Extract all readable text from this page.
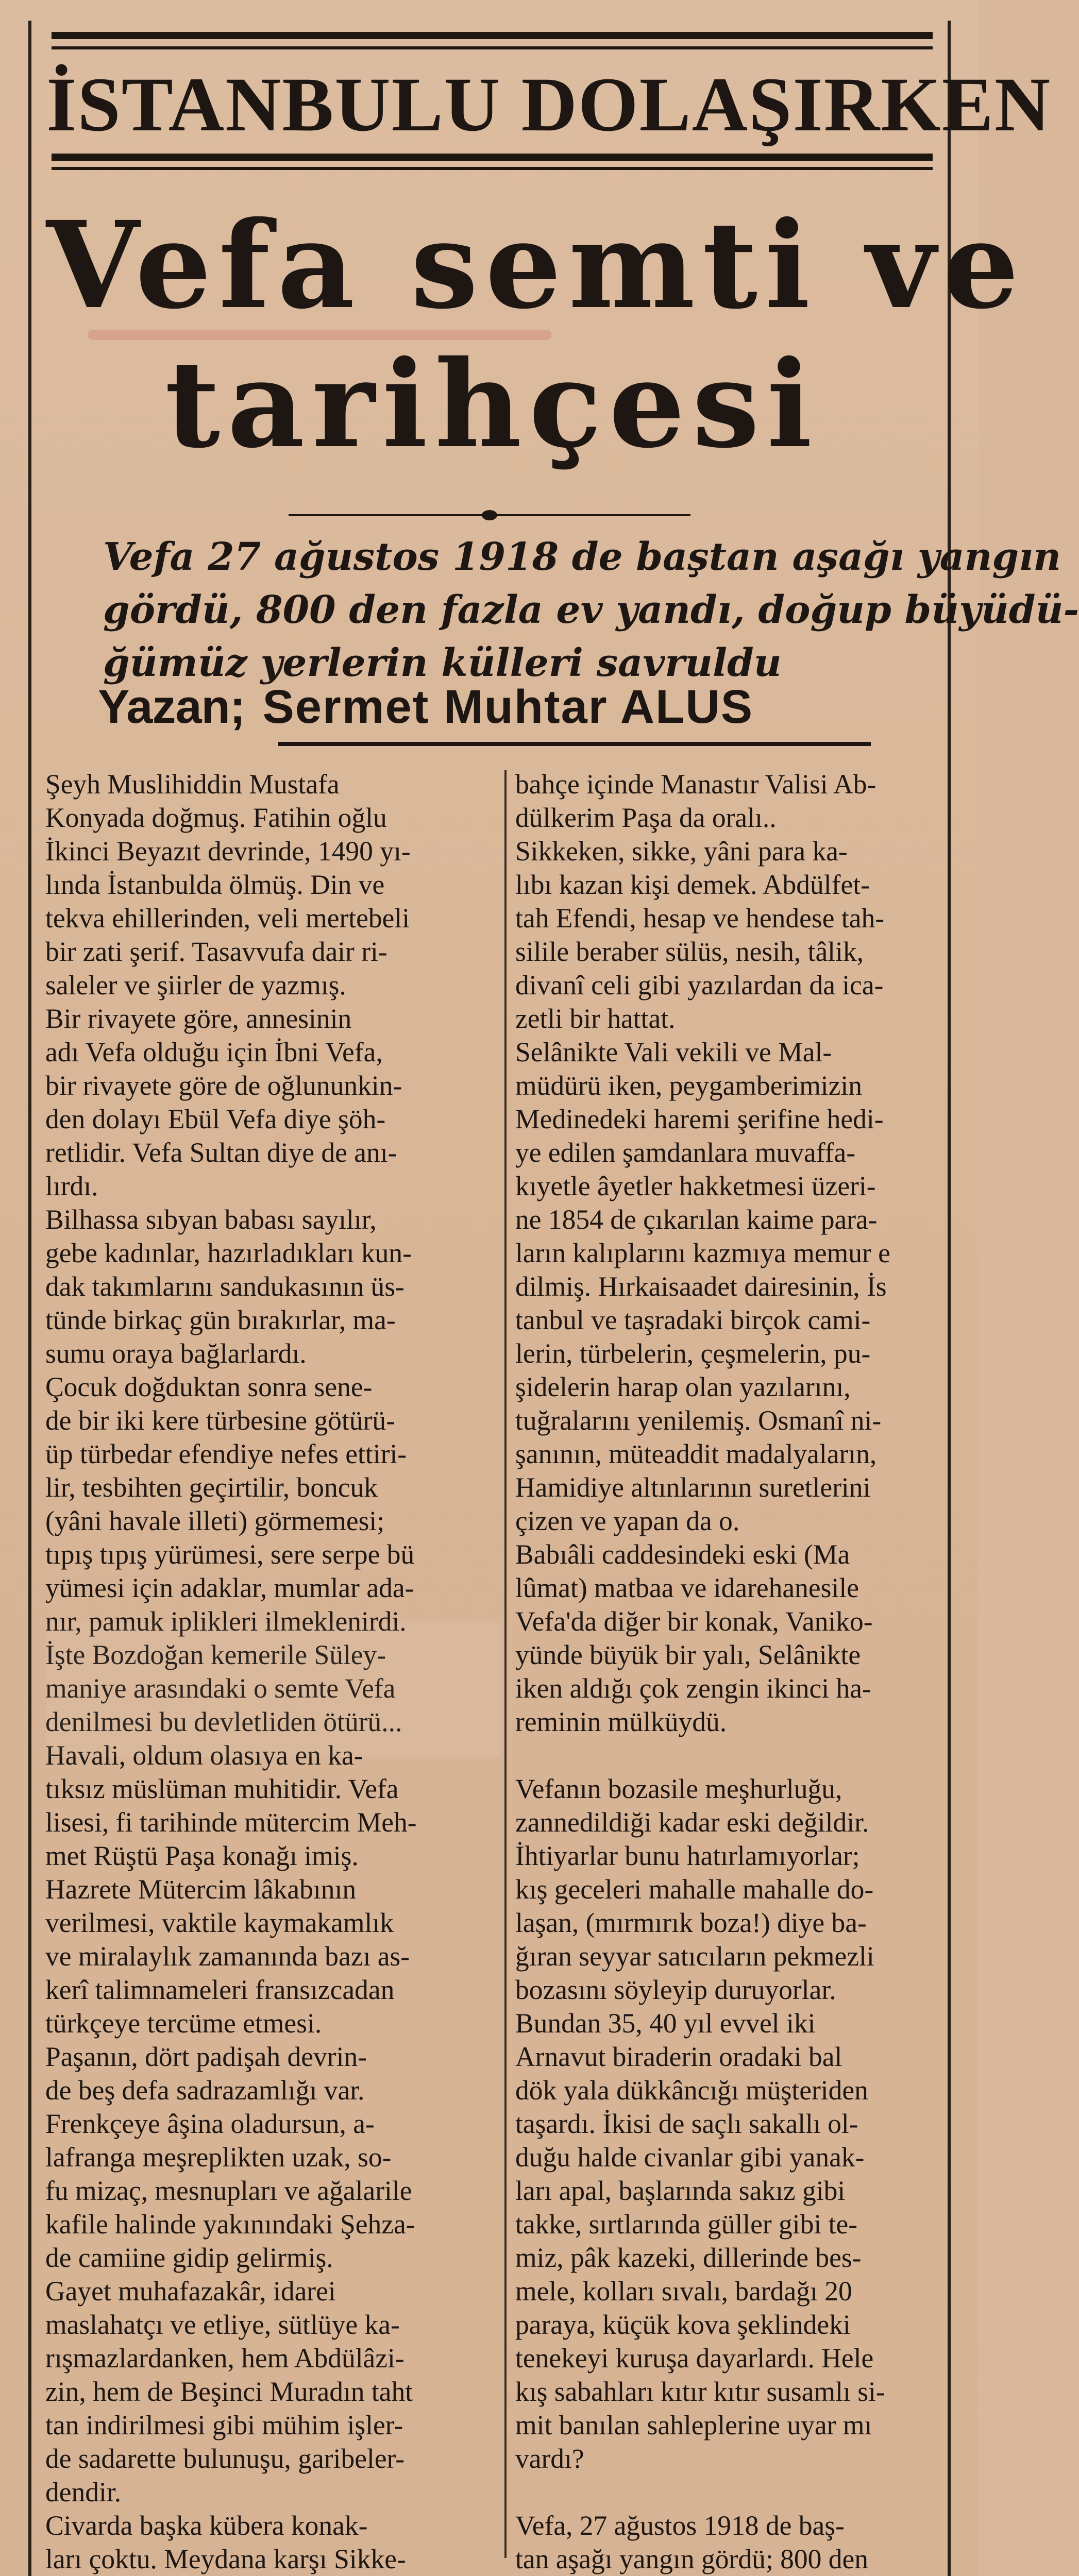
İSTANBULU DOLAŞIRKEN
Vefa semti ve
tarihçesi
Vefa 27 ağustos 1918 de baştan aşağı yangın
gördü, 800 den fazla ev yandı, doğup büyüdü-
ğümüz yerlerin külleri savruldu
Yazan; Sermet Muhtar ALUS
Şeyh Muslihiddin Mustafa
Konyada doğmuş. Fatihin oğlu
İkinci Beyazıt devrinde, 1490 yı-
lında İstanbulda ölmüş. Din ve
tekva ehillerinden, veli mertebeli
bir zati şerif. Tasavvufa dair ri-
saleler ve şiirler de yazmış.
Bir rivayete göre, annesinin
adı Vefa olduğu için İbni Vefa,
bir rivayete göre de oğlununkin-
den dolayı Ebül Vefa diye şöh-
retlidir. Vefa Sultan diye de anı-
lırdı.
Bilhassa sıbyan babası sayılır,
gebe kadınlar, hazırladıkları kun-
dak takımlarını sandukasının üs-
tünde birkaç gün bırakırlar, ma-
sumu oraya bağlarlardı.
Çocuk doğduktan sonra sene-
de bir iki kere türbesine götürü-
üp türbedar efendiye nefes ettiri-
lir, tesbihten geçirtilir, boncuk
(yâni havale illeti) görmemesi;
tıpış tıpış yürümesi, sere serpe bü
yümesi için adaklar, mumlar ada-
nır, pamuk iplikleri ilmeklenirdi.
İşte Bozdoğan kemerile Süley-
maniye arasındaki o semte Vefa
denilmesi bu devletliden ötürü...
Havali, oldum olasıya en ka-
tıksız müslüman muhitidir. Vefa
lisesi, fi tarihinde mütercim Meh-
met Rüştü Paşa konağı imiş.
Hazrete Mütercim lâkabının
verilmesi, vaktile kaymakamlık
ve miralaylık zamanında bazı as-
kerî talimnameleri fransızcadan
türkçeye tercüme etmesi.
Paşanın, dört padişah devrin-
de beş defa sadrazamlığı var.
Frenkçeye âşina oladursun, a-
lafranga meşreplikten uzak, so-
fu mizaç, mesnupları ve ağalarile
kafile halinde yakınındaki Şehza-
de camiine gidip gelirmiş.
Gayet muhafazakâr, idarei
maslahatçı ve etliye, sütlüye ka-
rışmazlardanken, hem Abdülâzi-
zin, hem de Beşinci Muradın taht
tan indirilmesi gibi mühim işler-
de sadarette bulunuşu, garibeler-
dendir.
Civarda başka kübera konak-
ları çoktu. Meydana karşı Sikke-
bahçe içinde Manastır Valisi Ab-
dülkerim Paşa da oralı..
Sikkeken, sikke, yâni para ka-
lıbı kazan kişi demek. Abdülfet-
tah Efendi, hesap ve hendese tah-
silile beraber sülüs, nesih, tâlik,
divanî celi gibi yazılardan da ica-
zetli bir hattat.
Selânikte Vali vekili ve Mal-
müdürü iken, peygamberimizin
Medinedeki haremi şerifine hedi-
ye edilen şamdanlara muvaffa-
kıyetle âyetler hakketmesi üzeri-
ne 1854 de çıkarılan kaime para-
ların kalıplarını kazmıya memur e
dilmiş. Hırkaisaadet dairesinin, İs
tanbul ve taşradaki birçok cami-
lerin, türbelerin, çeşmelerin, pu-
şidelerin harap olan yazılarını,
tuğralarını yenilemiş. Osmanî ni-
şanının, müteaddit madalyaların,
Hamidiye altınlarının suretlerini
çizen ve yapan da o.
Babıâli caddesindeki eski (Ma
lûmat) matbaa ve idarehanesile
Vefa'da diğer bir konak, Vaniko-
yünde büyük bir yalı, Selânikte
iken aldığı çok zengin ikinci ha-
reminin mülküydü.

Vefanın bozasile meşhurluğu,
zannedildiği kadar eski değildir.
İhtiyarlar bunu hatırlamıyorlar;
kış geceleri mahalle mahalle do-
laşan, (mırmırık boza!) diye ba-
ğıran seyyar satıcıların pekmezli
bozasını söyleyip duruyorlar.
Bundan 35, 40 yıl evvel iki
Arnavut biraderin oradaki bal
dök yala dükkâncığı müşteriden
taşardı. İkisi de saçlı sakallı ol-
duğu halde civanlar gibi yanak-
ları apal, başlarında sakız gibi
takke, sırtlarında güller gibi te-
miz, pâk kazeki, dillerinde bes-
mele, kolları sıvalı, bardağı 20
paraya, küçük kova şeklindeki
tenekeyi kuruşa dayarlardı. Hele
kış sabahları kıtır kıtır susamlı si-
mit banılan sahleplerine uyar mı
vardı?

Vefa, 27 ağustos 1918 de baş-
tan aşağı yangın gördü; 800 den
